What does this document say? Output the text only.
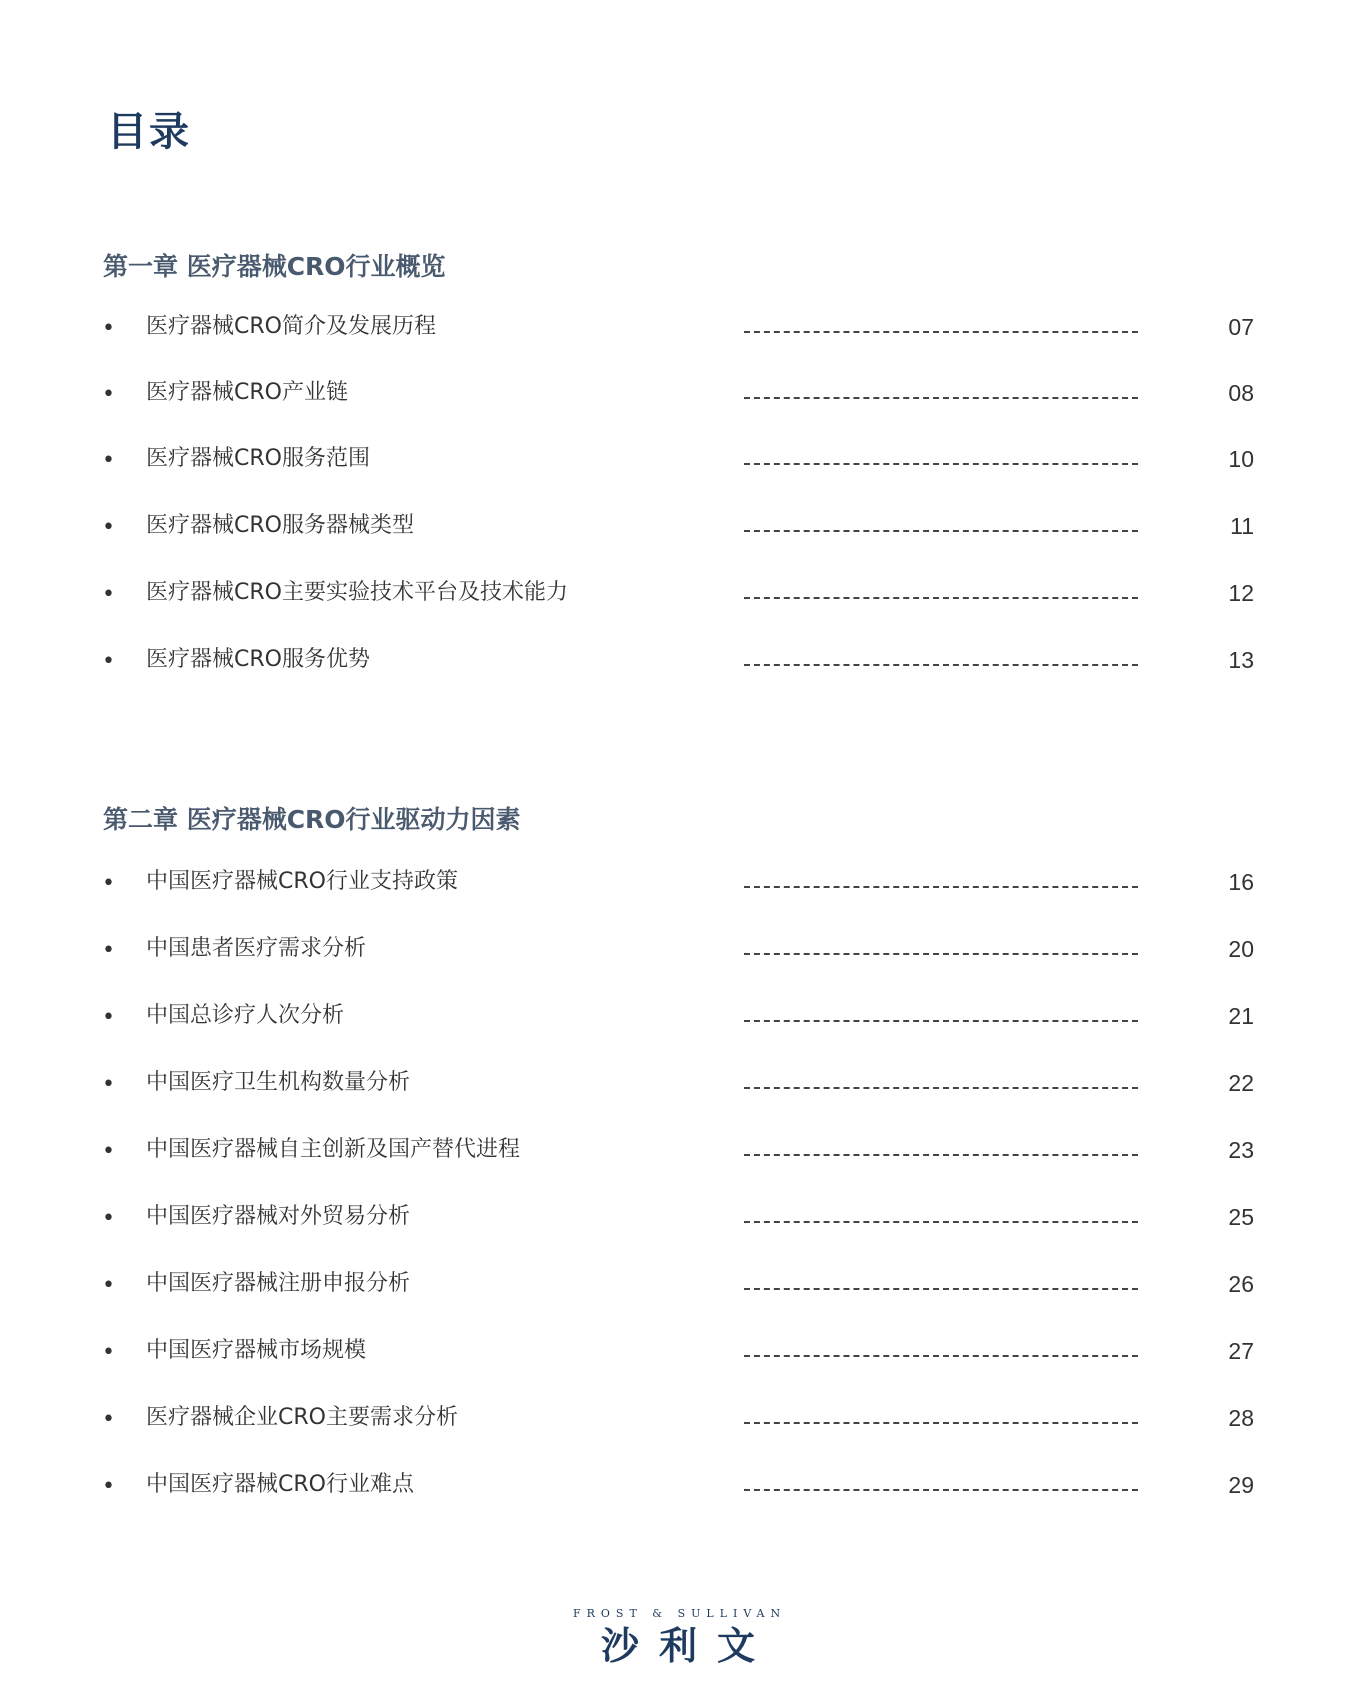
目录
第一章 医疗器械CRO行业概览
• 医疗器械CRO简介及发展历程	07
• 医疗器械CRO产业链	08
• 医疗器械CRO服务范围	10
• 医疗器械CRO服务器械类型	11
• 医疗器械CRO主要实验技术平台及技术能力	12
• 医疗器械CRO服务优势	13
第二章 医疗器械CRO行业驱动力因素
• 中国医疗器械CRO行业支持政策	16
• 中国患者医疗需求分析	20
• 中国总诊疗人次分析	21
• 中国医疗卫生机构数量分析	22
• 中国医疗器械自主创新及国产替代进程	23
• 中国医疗器械对外贸易分析	25
• 中国医疗器械注册申报分析	26
• 中国医疗器械市场规模	27
• 医疗器械企业CRO主要需求分析	28
• 中国医疗器械CRO行业难点	29
FROST & SULLIVAN
沙利文
